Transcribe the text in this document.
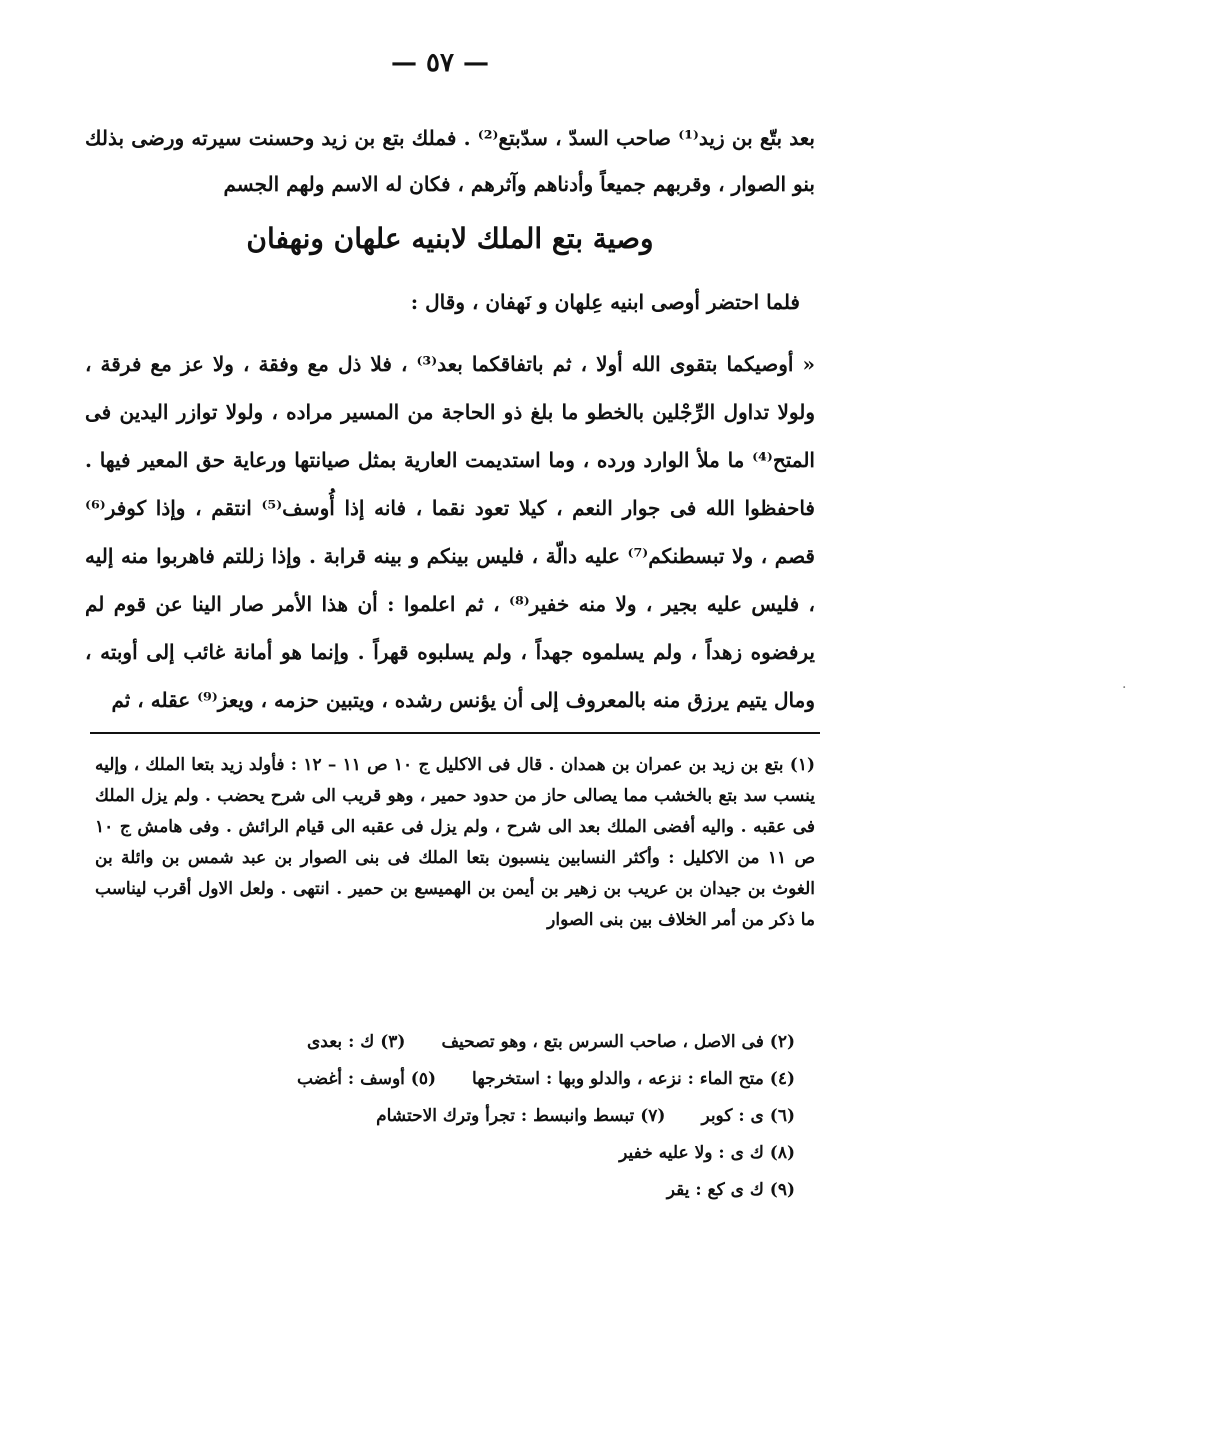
— ٥٧ —
بعد بتّع بن زيد⁽¹⁾ صاحب السدّ ، سدّبتع⁽²⁾ . فملك بتع بن زيد وحسنت سيرته ورضى بذلك بنو الصوار ، وقربهم جميعاً وأدناهم وآثرهم ، فكان له الاسم ولهم الجسم
وصية بتع الملك لابنيه علهان ونهفان
فلما احتضر أوصى ابنيه عِلهان و نَهفان ، وقال :
« أوصيكما بتقوى الله أولا ، ثم باتفاقكما بعد⁽³⁾ ، فلا ذل مع وفقة ، ولا عز مع فرقة ، ولولا تداول الرِّجْلين بالخطو ما بلغ ذو الحاجة من المسير مراده ، ولولا توازر اليدين فى المتح⁽⁴⁾ ما ملأ الوارد ورده ، وما استديمت العارية بمثل صيانتها ورعاية حق المعير فيها . فاحفظوا الله فى جوار النعم ، كيلا تعود نقما ، فانه إذا أُوسف⁽⁵⁾ انتقم ، وإذا كوفر⁽⁶⁾ قصم ، ولا تبسطنكم⁽⁷⁾ عليه دالّة ، فليس بينكم و بينه قرابة . وإذا زللتم فاهربوا منه إليه ، فليس عليه بجير ، ولا منه خفير⁽⁸⁾ ، ثم اعلموا : أن هذا الأمر صار الينا عن قوم لم يرفضوه زهداً ، ولم يسلموه جهداً ، ولم يسلبوه قهراً . وإنما هو أمانة غائب إلى أوبته ، ومال يتيم يرزق منه بالمعروف إلى أن يؤنس رشده ، ويتبين حزمه ، ويعز⁽⁹⁾ عقله ، ثم
(١) بتع بن زيد بن عمران بن همدان . قال فى الاكليل ج ١٠ ص ١١ – ١٢ : فأولد زيد بتعا الملك ، وإليه ينسب سد بتع بالخشب مما يصالى حاز من حدود حمير ، وهو قريب الى شرح يحضب . ولم يزل الملك فى عقبه . واليه أفضى الملك بعد الى شرح ، ولم يزل فى عقبه الى قيام الرائش . وفى هامش ج ١٠ ص ١١ من الاكليل : وأكثر النسابين ينسبون بتعا الملك فى بنى الصوار بن عبد شمس بن وائلة بن الغوث بن جيدان بن عريب بن زهير بن أيمن بن الهميسع بن حمير . انتهى . ولعل الاول أقرب ليناسب ما ذكر من أمر الخلاف بين بنى الصوار
(٢) فى الاصل ، صاحب السرس بتع ، وهو تصحيف
(٣) ك : بعدى
(٤) متح الماء : نزعه ، والدلو وبها : استخرجها
(٥) أوسف : أغضب
(٦) ى : كوبر
(٧) تبسط وانبسط : تجرأ وترك الاحتشام
(٨) ك ى : ولا عليه خفير
(٩) ك ى كع : يقر
·
